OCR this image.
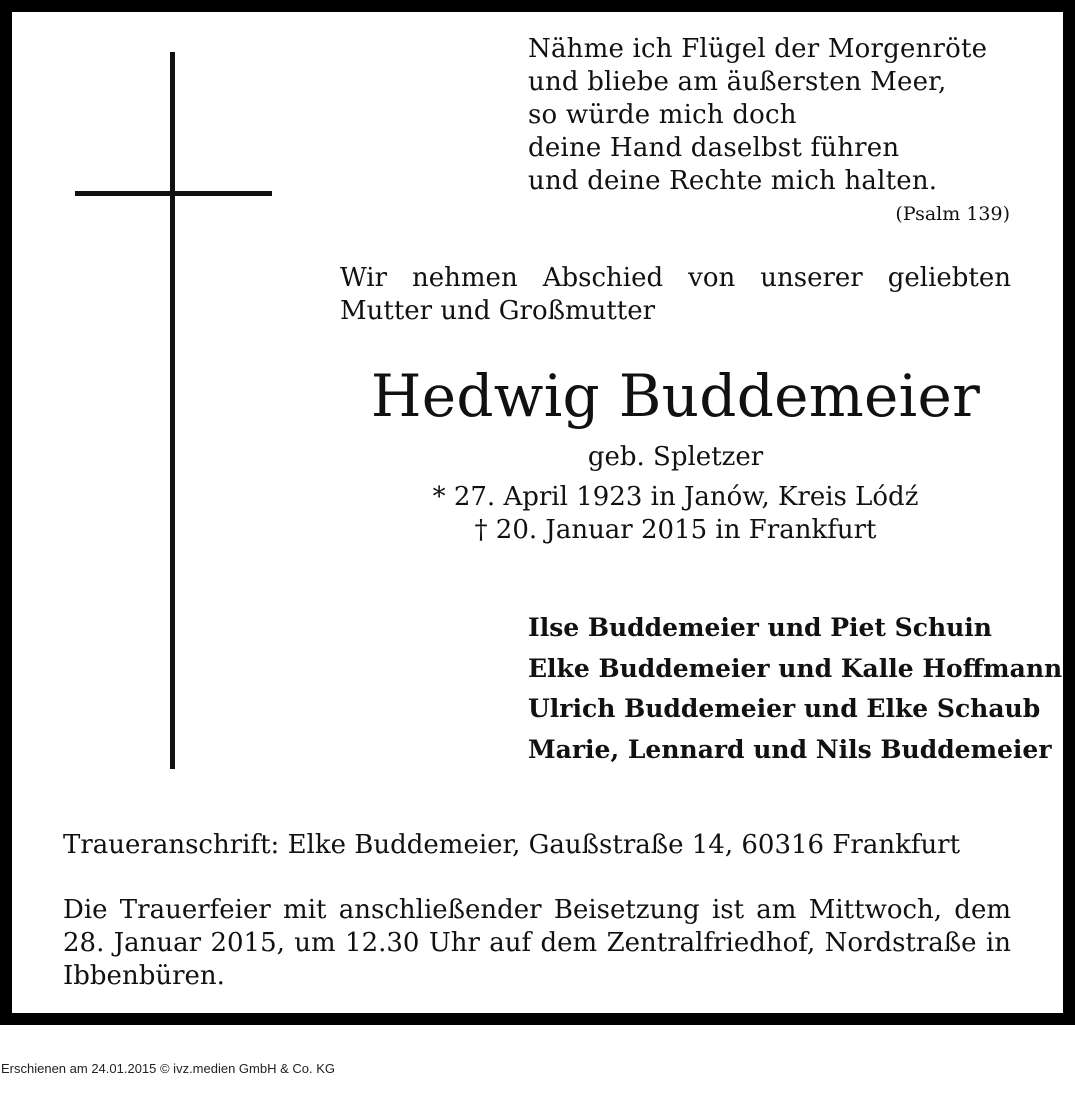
Nähme ich Flügel der Morgenröte
und bliebe am äußersten Meer,
so würde mich doch
deine Hand daselbst führen
und deine Rechte mich halten.

(Psalm 139)

Wir nehmen Abschied von unserer geliebten Mutter und Großmutter

Hedwig Buddemeier
geb. Spletzer

* 27. April 1923 in Janów, Kreis Lódź
† 20. Januar 2015 in Frankfurt

Ilse Buddemeier und Piet Schuin
Elke Buddemeier und Kalle Hoffmann
Ulrich Buddemeier und Elke Schaub
Marie, Lennard und Nils Buddemeier

Traueranschrift: Elke Buddemeier, Gaußstraße 14, 60316 Frankfurt

Die Trauerfeier mit anschließender Beisetzung ist am Mittwoch, dem 28. Januar 2015, um 12.30 Uhr auf dem Zentralfriedhof, Nordstraße in Ibbenbüren.

Erschienen am 24.01.2015 © ivz.medien GmbH & Co. KG
